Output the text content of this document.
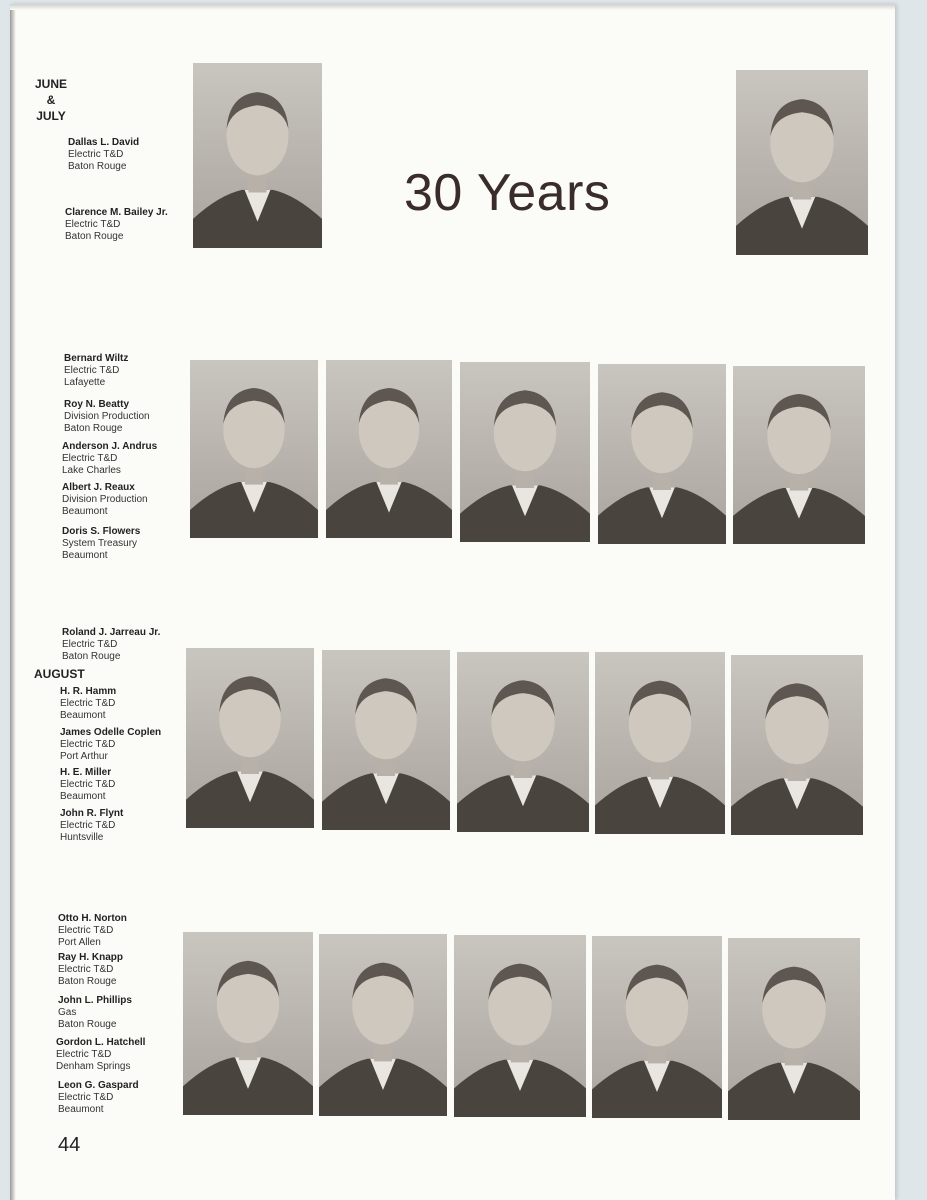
JUNE
&
JULY
AUGUST
30 Years
Dallas L. David
Electric T&D
Baton Rouge
Clarence M. Bailey Jr.
Electric T&D
Baton Rouge
Bernard Wiltz
Electric T&D
Lafayette
Roy N. Beatty
Division Production
Baton Rouge
Anderson J. Andrus
Electric T&D
Lake Charles
Albert J. Reaux
Division Production
Beaumont
Doris S. Flowers
System Treasury
Beaumont
Roland J. Jarreau Jr.
Electric T&D
Baton Rouge
H. R. Hamm
Electric T&D
Beaumont
James Odelle Coplen
Electric T&D
Port Arthur
H. E. Miller
Electric T&D
Beaumont
John R. Flynt
Electric T&D
Huntsville
Otto H. Norton
Electric T&D
Port Allen
Ray H. Knapp
Electric T&D
Baton Rouge
John L. Phillips
Gas
Baton Rouge
Gordon L. Hatchell
Electric T&D
Denham Springs
Leon G. Gaspard
Electric T&D
Beaumont
44
